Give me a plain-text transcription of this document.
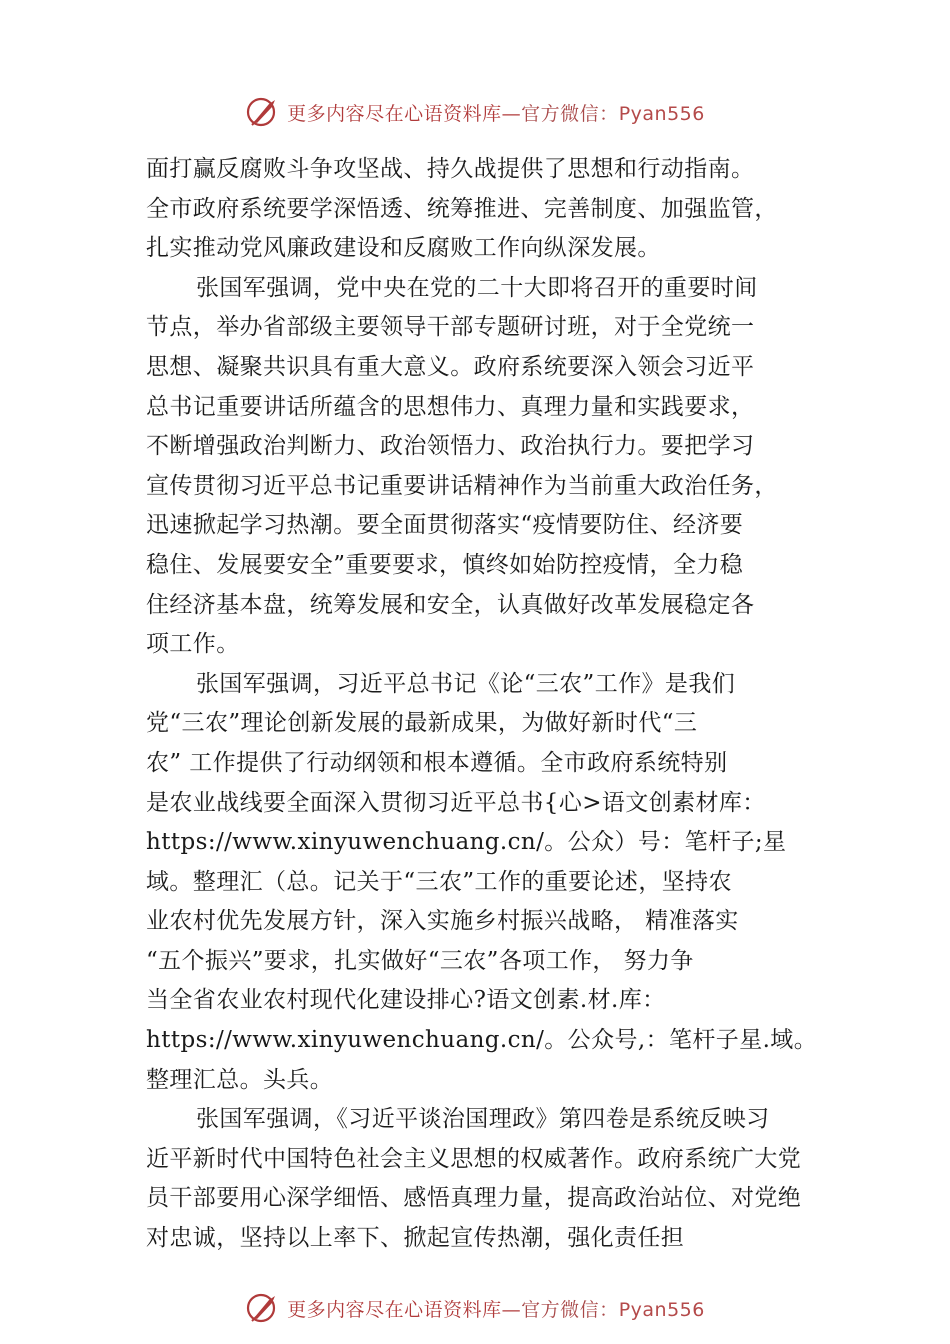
更多内容尽在心语资料库—官方微信：Pyan556
面打赢反腐败斗争攻坚战、持久战提供了思想和行动指南。
全市政府系统要学深悟透、统筹推进、完善制度、加强监管，
扎实推动党风廉政建设和反腐败工作向纵深发展。
张国军强调，党中央在党的二十大即将召开的重要时间
节点，举办省部级主要领导干部专题研讨班，对于全党统一
思想、凝聚共识具有重大意义。政府系统要深入领会习近平
总书记重要讲话所蕴含的思想伟力、真理力量和实践要求，
不断增强政治判断力、政治领悟力、政治执行力。要把学习
宣传贯彻习近平总书记重要讲话精神作为当前重大政治任务，
迅速掀起学习热潮。要全面贯彻落实“疫情要防住、经济要
稳住、发展要安全”重要要求，慎终如始防控疫情，全力稳
住经济基本盘，统筹发展和安全，认真做好改革发展稳定各
项工作。
张国军强调，习近平总书记《论“三农”工作》是我们
党“三农”理论创新发展的最新成果，为做好新时代“三
农” 工作提供了行动纲领和根本遵循。全市政府系统特别
是农业战线要全面深入贯彻习近平总书{心>语文创素材库：
https://www.xinyuwenchuang.cn/。公众）号：笔杆子;星
域。整理汇（总。记关于“三农”工作的重要论述，坚持农
业农村优先发展方针，深入实施乡村振兴战略， 精准落实
“五个振兴”要求，扎实做好“三农”各项工作， 努力争
当全省农业农村现代化建设排心?语文创素.材.库：
https://www.xinyuwenchuang.cn/。公众号,：笔杆子星.域。
整理汇总。头兵。
张国军强调，《习近平谈治国理政》第四卷是系统反映习
近平新时代中国特色社会主义思想的权威著作。政府系统广大党
员干部要用心深学细悟、感悟真理力量，提高政治站位、对党绝
对忠诚，坚持以上率下、掀起宣传热潮，强化责任担
更多内容尽在心语资料库—官方微信：Pyan556
